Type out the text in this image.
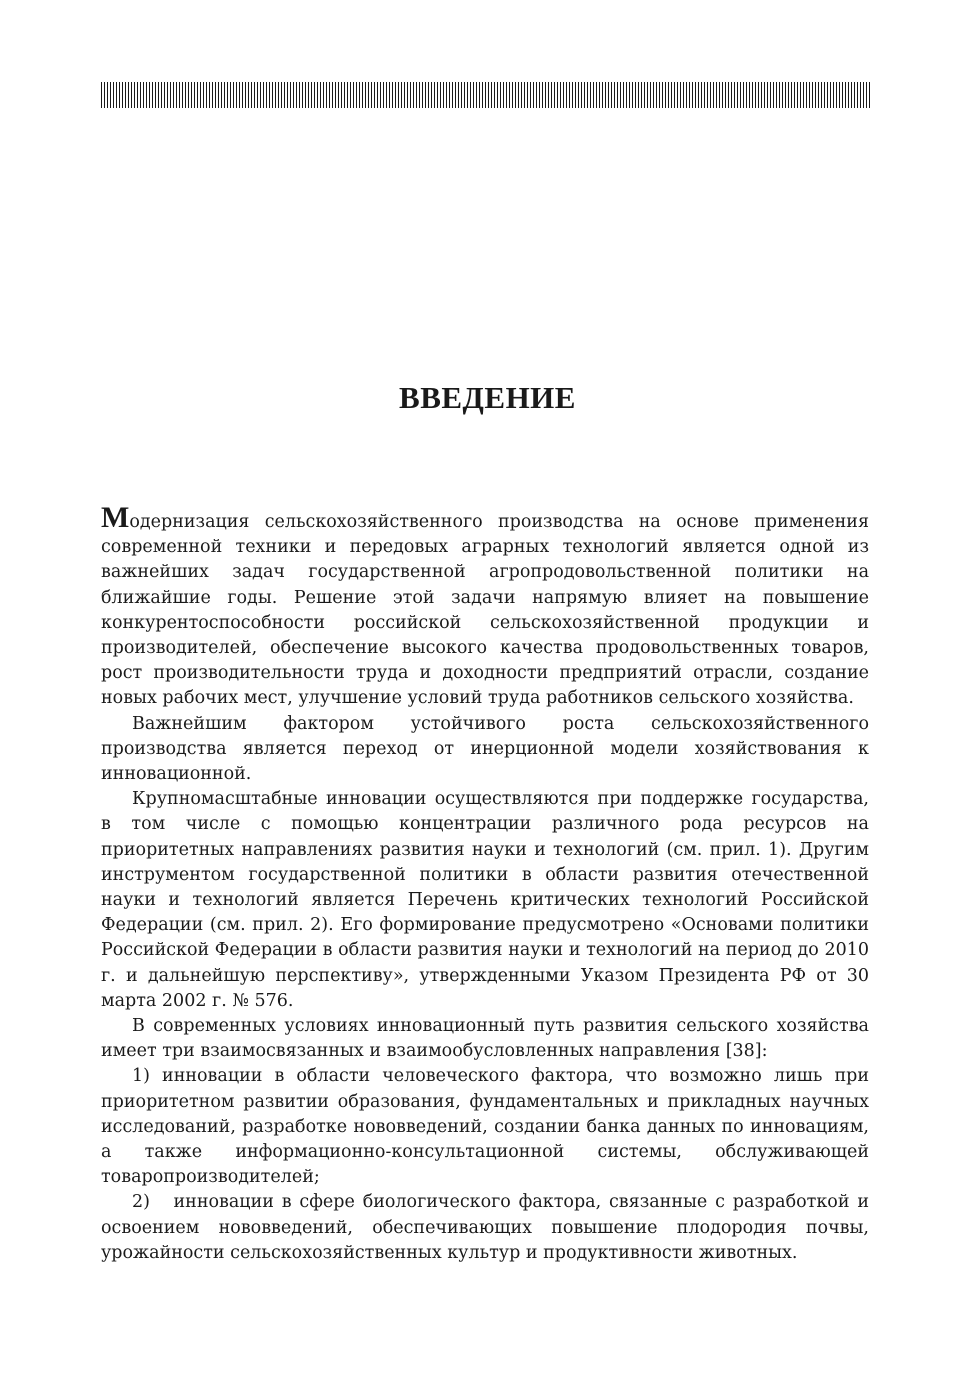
ВВЕДЕНИЕ

Модернизация сельскохозяйственного производства на основе применения современной техники и передовых аграрных технологий является одной из важнейших задач государственной агропродовольственной политики на ближайшие годы. Решение этой задачи напрямую влияет на повышение конкурентоспособности российской сельскохозяйственной продукции и производителей, обеспечение высокого качества продовольственных товаров, рост производительности труда и доходности предприятий отрасли, создание новых рабочих мест, улучшение условий труда работников сельского хозяйства.

Важнейшим фактором устойчивого роста сельскохозяйственного производства является переход от инерционной модели хозяйствования к инновационной.

Крупномасштабные инновации осуществляются при поддержке государства, в том числе с помощью концентрации различного рода ресурсов на приоритетных направлениях развития науки и технологий (см. прил. 1). Другим инструментом государственной политики в области развития отечественной науки и технологий является Перечень критических технологий Российской Федерации (см. прил. 2). Его формирование предусмотрено «Основами политики Российской Федерации в области развития науки и технологий на период до 2010 г. и дальнейшую перспективу», утвержденными Указом Президента РФ от 30 марта 2002 г. № 576.

В современных условиях инновационный путь развития сельского хозяйства имеет три взаимосвязанных и взаимообусловленных направления [38]:

1) инновации в области человеческого фактора, что возможно лишь при приоритетном развитии образования, фундаментальных и прикладных научных исследований, разработке нововведений, создании банка данных по инновациям, а также информационно-консультационной системы, обслуживающей товаропроизводителей;

2)   инновации в сфере биологического фактора, связанные с разработкой и освоением нововведений, обеспечивающих повышение плодородия почвы, урожайности сельскохозяйственных культур и продуктивности животных.
